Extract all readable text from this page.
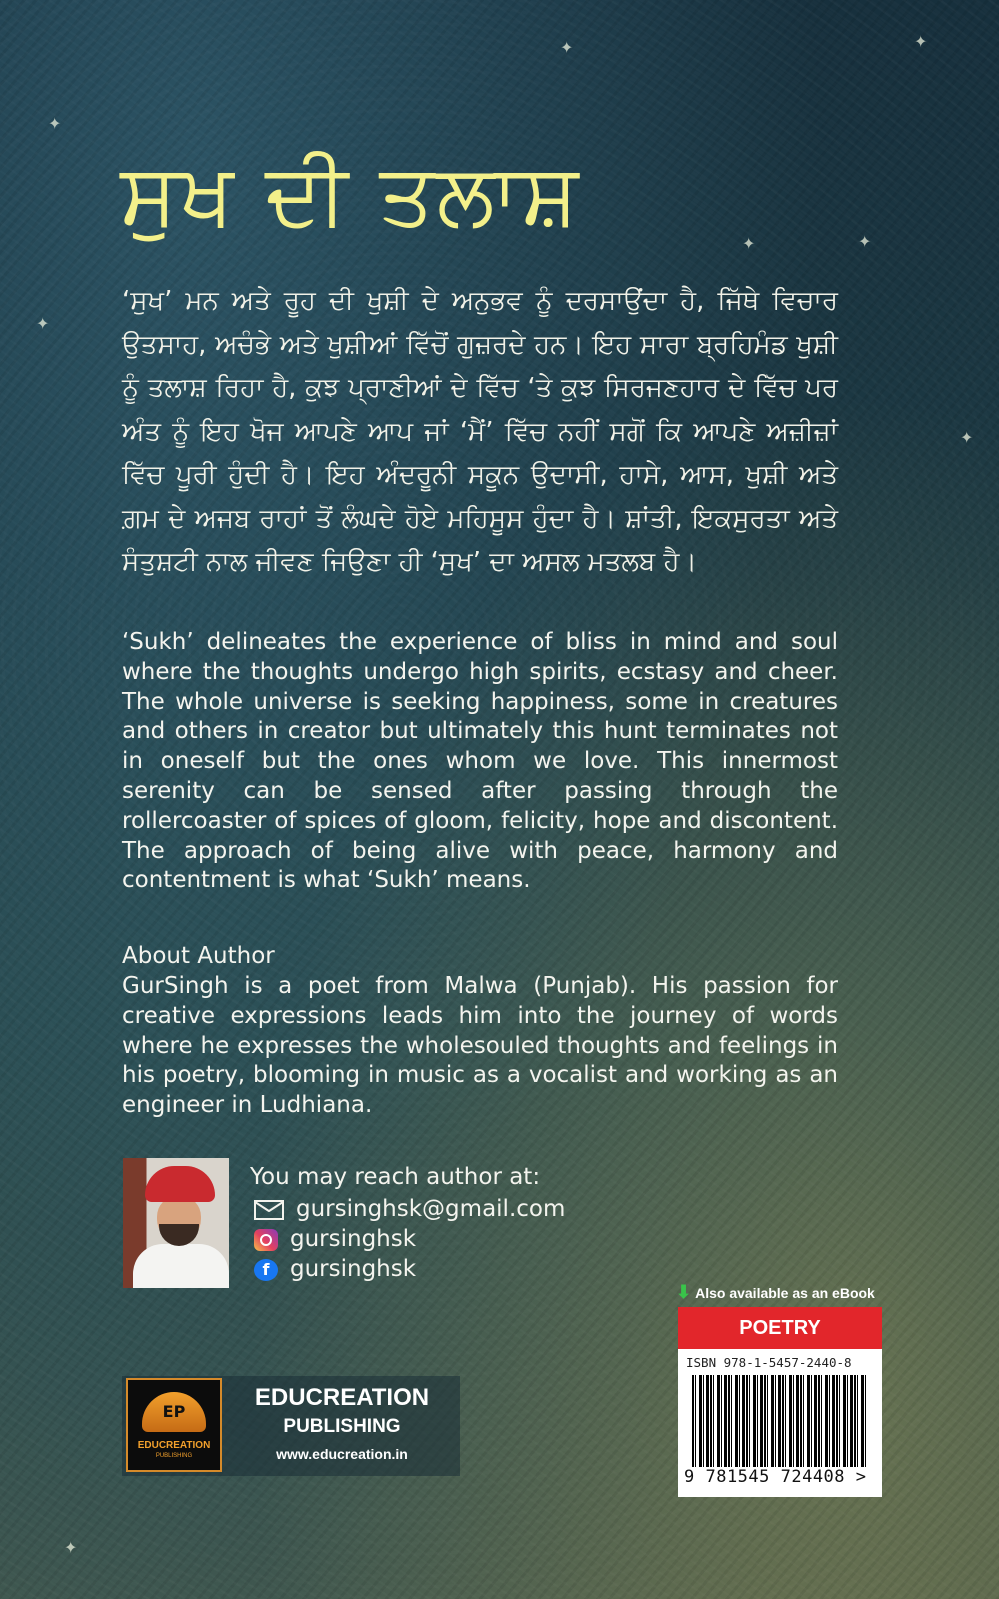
✦
✦
✦
✦	✦
✦
✦
✦
ਸੁਖ ਦੀ ਤਲਾਸ਼
‘ਸੁਖ’ ਮਨ ਅਤੇ ਰੂਹ ਦੀ ਖੁਸ਼ੀ ਦੇ ਅਨੁਭਵ ਨੂੰ ਦਰਸਾਉਂਦਾ ਹੈ, ਜਿੱਥੇ ਵਿਚਾਰ ਉਤਸਾਹ, ਅਚੰਭੇ ਅਤੇ ਖੁਸ਼ੀਆਂ ਵਿੱਚੋਂ ਗੁਜ਼ਰਦੇ ਹਨ। ਇਹ ਸਾਰਾ ਬ੍ਰਹਿਮੰਡ ਖੁਸ਼ੀ ਨੂੰ ਤਲਾਸ਼ ਰਿਹਾ ਹੈ, ਕੁਝ ਪ੍ਰਾਣੀਆਂ ਦੇ ਵਿੱਚ ‘ਤੇ ਕੁਝ ਸਿਰਜਣਹਾਰ ਦੇ ਵਿੱਚ ਪਰ ਅੰਤ ਨੂੰ ਇਹ ਖੋਜ ਆਪਣੇ ਆਪ ਜਾਂ ‘ਮੈਂ’ ਵਿੱਚ ਨਹੀਂ ਸਗੋਂ ਕਿ ਆਪਣੇ ਅਜ਼ੀਜ਼ਾਂ ਵਿੱਚ ਪੂਰੀ ਹੁੰਦੀ ਹੈ। ਇਹ ਅੰਦਰੂਨੀ ਸਕੂਨ ਉਦਾਸੀ, ਹਾਸੇ, ਆਸ, ਖੁਸ਼ੀ ਅਤੇ ਗ਼ਮ ਦੇ ਅਜਬ ਰਾਹਾਂ ਤੋਂ ਲੰਘਦੇ ਹੋਏ ਮਹਿਸੂਸ ਹੁੰਦਾ ਹੈ। ਸ਼ਾਂਤੀ, ਇਕਸੁਰਤਾ ਅਤੇ ਸੰਤੁਸ਼ਟੀ ਨਾਲ ਜੀਵਣ ਜਿਉਣਾ ਹੀ ‘ਸੁਖ’ ਦਾ ਅਸਲ ਮਤਲਬ ਹੈ।
‘Sukh’ delineates the experience of bliss in mind and soul where the thoughts undergo high spirits, ecstasy and cheer. The whole universe is seeking happiness, some in creatures and others in creator but ultimately this hunt terminates not in oneself but the ones whom we love. This innermost serenity can be sensed after passing through the rollercoaster of spices of gloom, felicity, hope and discontent. The approach of being alive with peace, harmony and contentment is what ‘Sukh’ means.
About Author
GurSingh is a poet from Malwa (Punjab). His passion for creative expressions leads him into the journey of words where he expresses the wholesouled thoughts and feelings in his poetry, blooming in music as a vocalist and working as an engineer in Ludhiana.
You may reach author at:
gursinghsk@gmail.com
gursinghsk
f gursinghsk
⬇ Also available as an eBook
POETRY
ISBN 978-1-5457-2440-8
9 781545 724408 >
EP
EDUCREATION
PUBLISHING
EDUCREATION
PUBLISHING
www.educreation.in
